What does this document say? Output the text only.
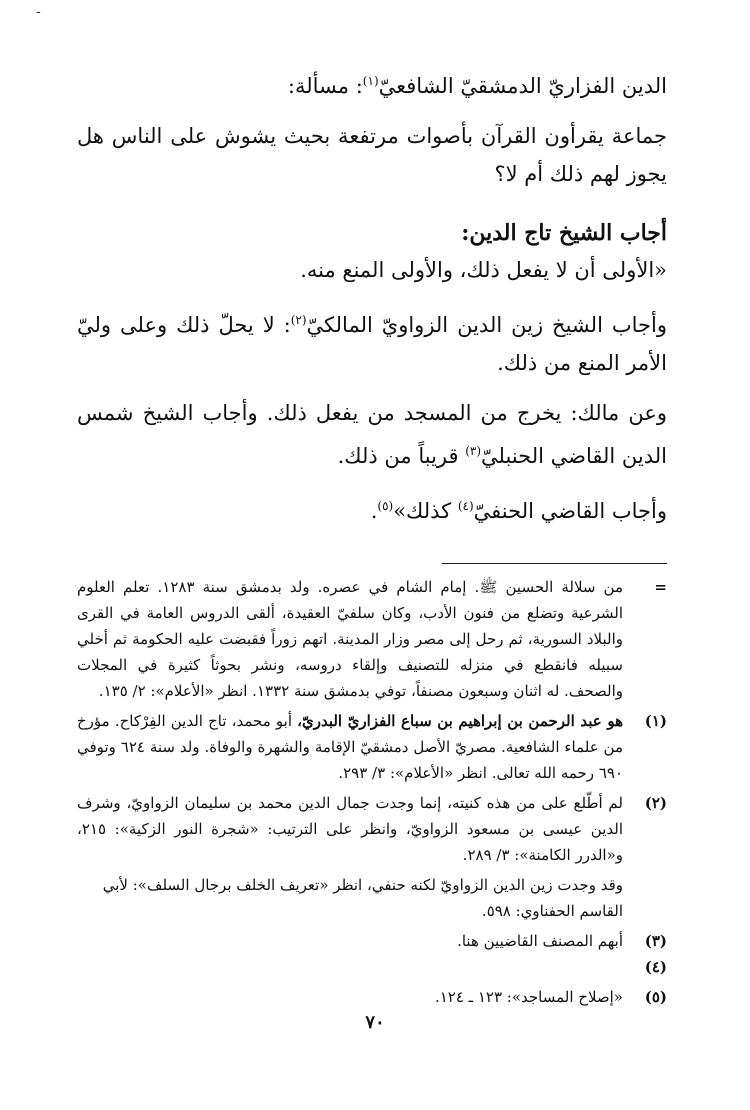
-

الدين الفزاريّ الدمشقيّ الشافعيّ$^{(١)}$: مسألة:

جماعة يقرأون القرآن بأصوات مرتفعة بحيث يشوش على الناس هل يجوز لهم ذلك أم لا؟

أجاب الشيخ تاج الدين:

«الأولى أن لا يفعل ذلك، والأولى المنع منه.

وأجاب الشيخ زين الدين الزواويّ المالكيّ$^{(٢)}$: لا يحلّ ذلك وعلى وليّ الأمر المنع من ذلك.

وعن مالك: يخرج من المسجد من يفعل ذلك. وأجاب الشيخ شمس الدين القاضي الحنبليّ$^{(٣)}$ قريباً من ذلك.

وأجاب القاضي الحنفيّ$^{(٤)}$ كذلك»$^{(٥)}$.

=
من سلالة الحسين ﷺ. إمام الشام في عصره. ولد بدمشق سنة ١٢٨٣. تعلم العلوم الشرعية وتضلع من فنون الأدب، وكان سلفيّ العقيدة، ألقى الدروس العامة في القرى والبلاد السورية، ثم رحل إلى مصر وزار المدينة. اتهم زوراً فقبضت عليه الحكومة ثم أخلي سبيله فانقطع في منزله للتصنيف وإلقاء دروسه، ونشر بحوثاً كثيرة في المجلات والصحف. له اثنان وسبعون مصنفاً، توفي بدمشق سنة ١٣٣٢. انظر «الأعلام»: ٢/ ١٣٥.
(١)
هو عبد الرحمن بن إبراهيم بن سباع الفزاريّ البدريّ، أبو محمد، تاج الدين الفِرْكاح. مؤرخ من علماء الشافعية. مصريّ الأصل دمشقيّ الإقامة والشهرة والوفاة. ولد سنة ٦٢٤ وتوفي ٦٩٠ رحمه الله تعالى. انظر «الأعلام»: ٣/ ٢٩٣.
(٢)
لم أطّلع على من هذه كنيته، إنما وجدت جمال الدين محمد بن سليمان الزواويّ، وشرف الدين عيسى بن مسعود الزواويّ، وانظر على الترتيب: «شجرة النور الزكية»: ٢١٥، و«الدرر الكامنة»: ٣/ ٢٨٩.
وقد وجدت زين الدين الزواويّ لكنه حنفي، انظر «تعريف الخلف برجال السلف»: لأبي القاسم الحفناوي: ٥٩٨.
(٣) (٤)
أبهم المصنف القاضيين هنا.
(٥)
«إصلاح المساجد»: ١٢٣ ـ ١٢٤.
٧٠
